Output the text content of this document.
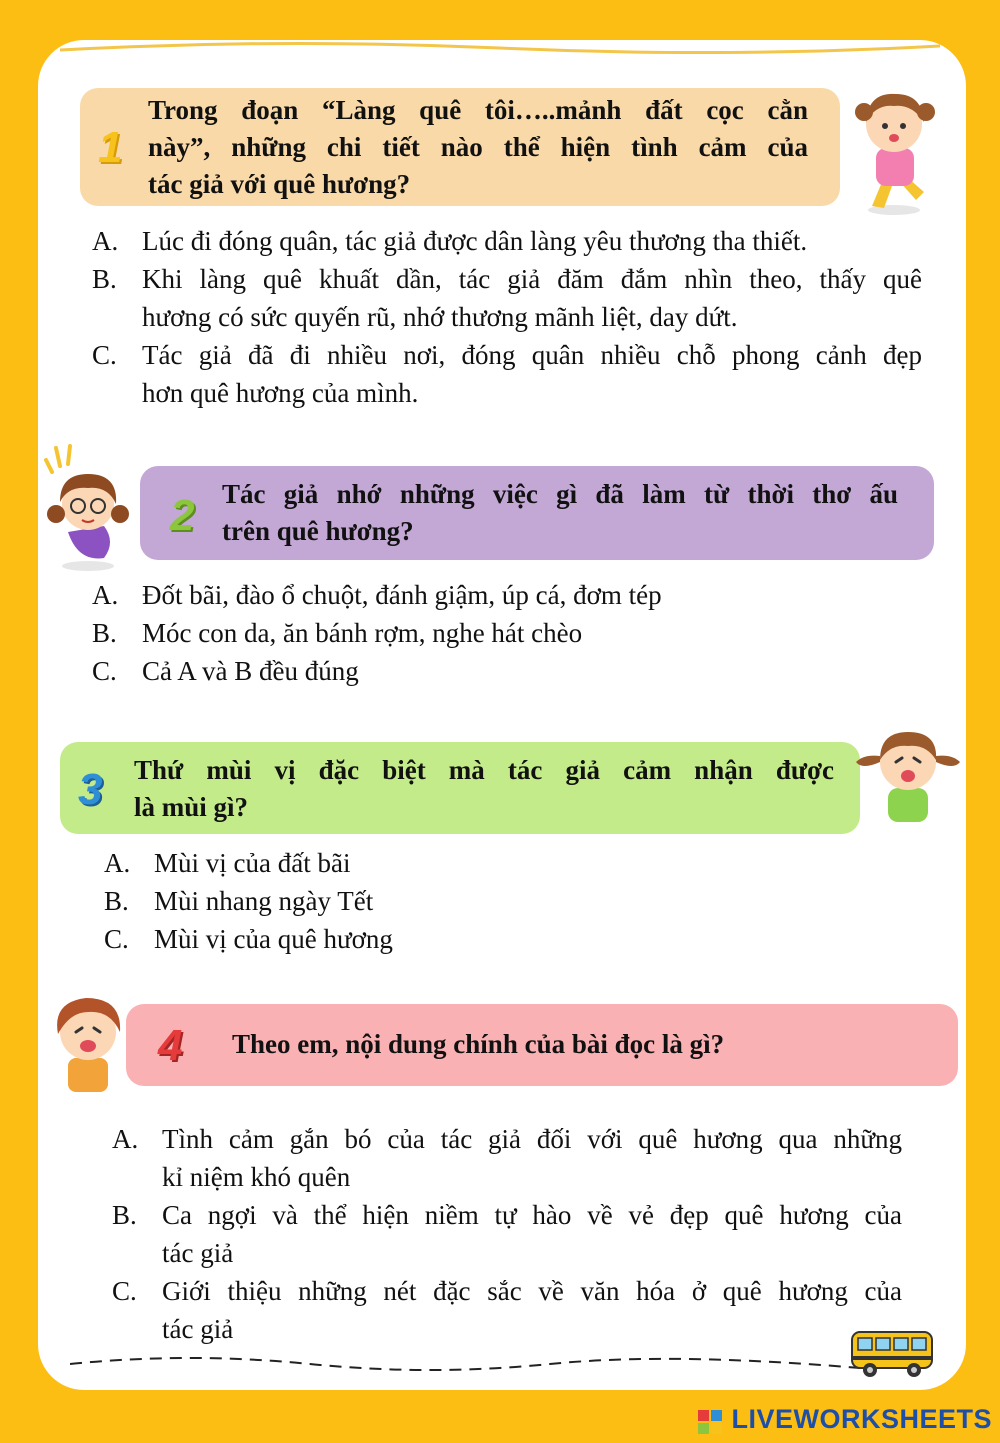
1
Trong đoạn “Làng quê tôi…..mảnh đất cọc cằn
này”, những chi tiết nào thể hiện tình cảm của
tác giả với quê hương?
A. Lúc đi đóng quân, tác giả được dân làng yêu thương tha thiết.
B. Khi làng quê khuất dần, tác giả đăm đắm nhìn theo, thấy quê
hương có sức quyến rũ, nhớ thương mãnh liệt, day dứt.
C. Tác giả đã đi nhiều nơi, đóng quân nhiều chỗ phong cảnh đẹp
hơn quê hương của mình.
2 Tác giả nhớ những việc gì đã làm từ thời thơ ấu
trên quê hương?
A. Đốt bãi, đào ổ chuột, đánh giậm, úp cá, đơm tép
B. Móc con da, ăn bánh rợm, nghe hát chèo
C. Cả A và B đều đúng
3 Thứ mùi vị đặc biệt mà tác giả cảm nhận được
là mùi gì?
A. Mùi vị của đất bãi
B. Mùi nhang ngày Tết
C. Mùi vị của quê hương
4 Theo em, nội dung chính của bài đọc là gì?
A. Tình cảm gắn bó của tác giả đối với quê hương qua những
kỉ niệm khó quên
B. Ca ngợi và thể hiện niềm tự hào về vẻ đẹp quê hương của
tác giả
C. Giới thiệu những nét đặc sắc về văn hóa ở quê hương của
tác giả
LIVEWORKSHEETS
